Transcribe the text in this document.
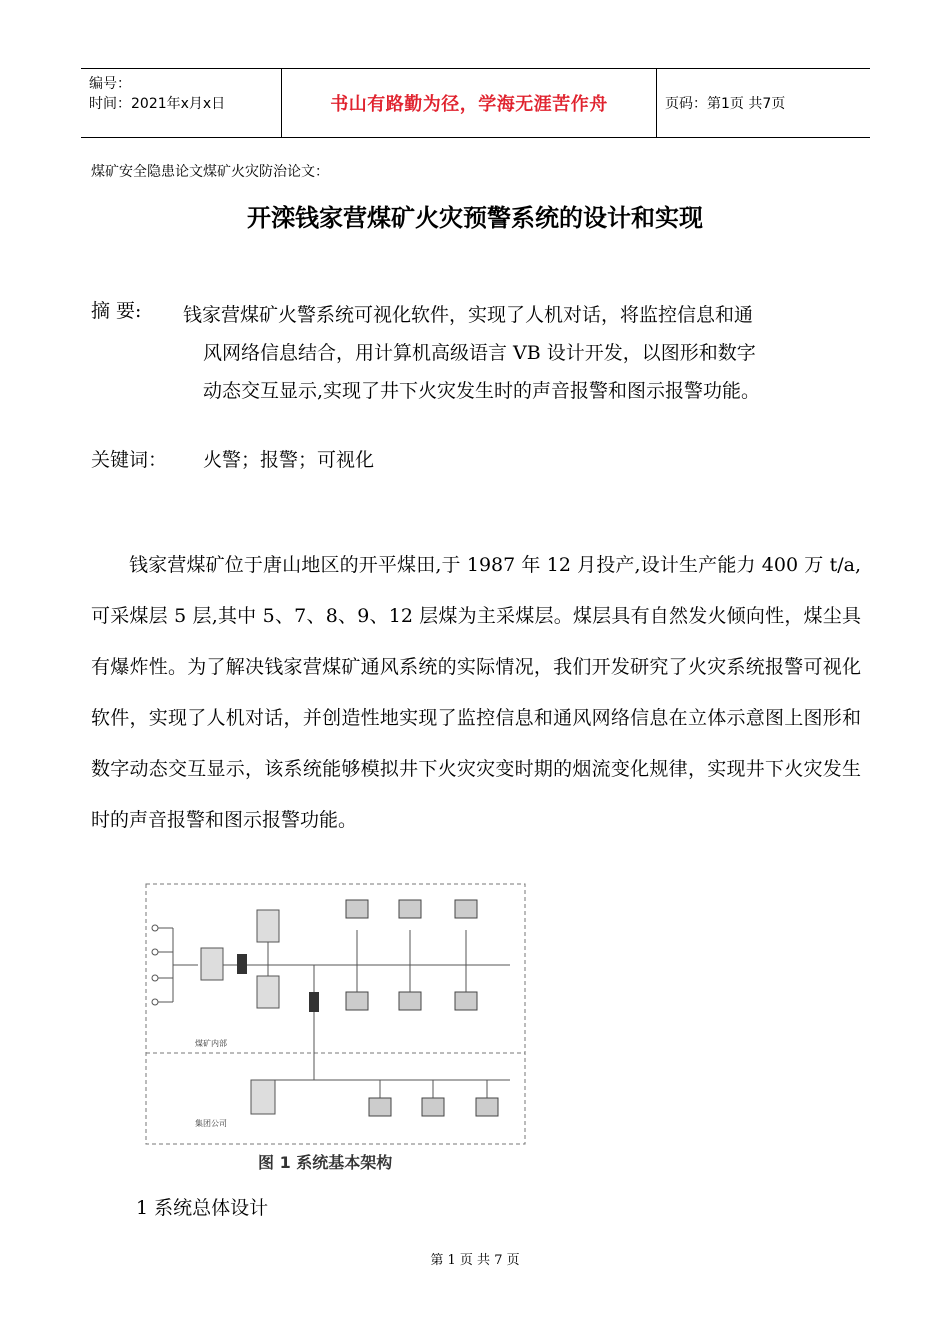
编号：
时间：2021年x月x日	书山有路勤为径，学海无涯苦作舟	页码：第1页 共7页
煤矿安全隐患论文煤矿火灾防治论文：
开滦钱家营煤矿火灾预警系统的设计和实现
摘 要: 钱家营煤矿火警系统可视化软件，实现了人机对话，将监控信息和通
风网络信息结合，用计算机高级语言 VB 设计开发，以图形和数字
动态交互显示,实现了井下火灾发生时的声音报警和图示报警功能。
关键词： 火警；报警；可视化
钱家营煤矿位于唐山地区的开平煤田,于 1987 年 12 月投产,设计生产能力 400 万 t/a,可采煤层 5 层,其中 5、7、8、9、12 层煤为主采煤层。煤层具有自然发火倾向性，煤尘具有爆炸性。为了解决钱家营煤矿通风系统的实际情况，我们开发研究了火灾系统报警可视化软件，实现了人机对话，并创造性地实现了监控信息和通风网络信息在立体示意图上图形和数字动态交互显示，该系统能够模拟井下火灾灾变时期的烟流变化规律，实现井下火灾发生时的声音报警和图示报警功能。
煤矿内部
集团公司
图 1 系统基本架构
1 系统总体设计
第 1 页 共 7 页
